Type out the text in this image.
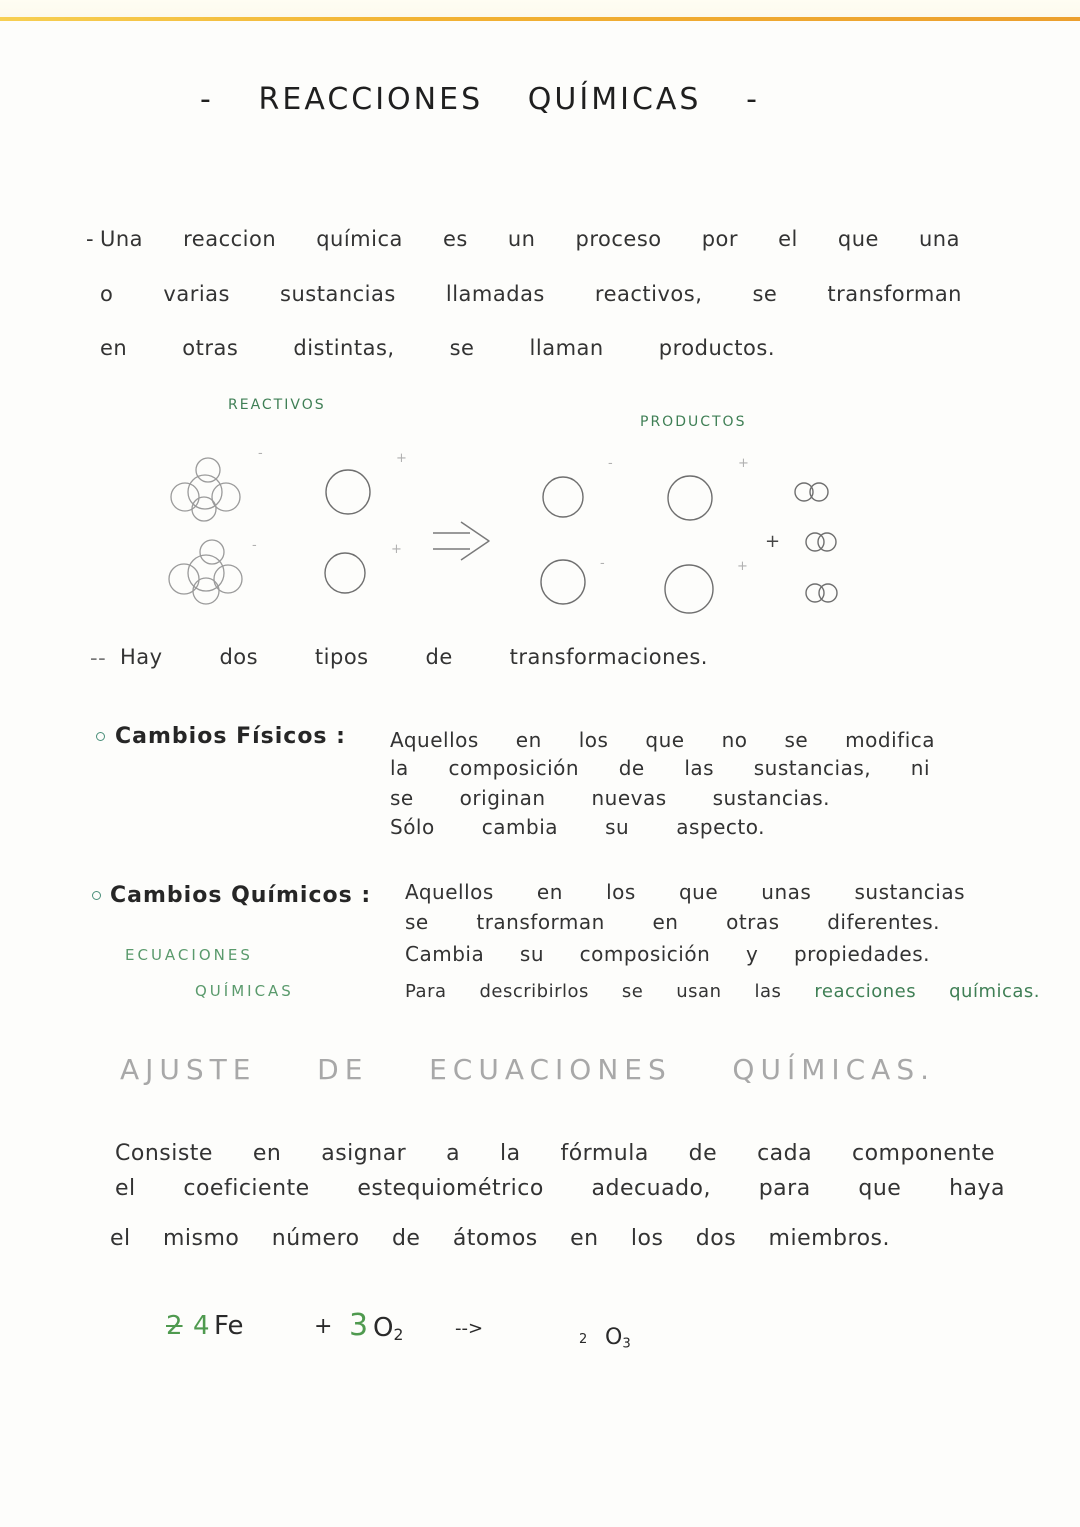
- REACCIONES QUÍMICAS -
- Una reaccion química es un proceso por el que una
o varias sustancias llamadas reactivos, se transforman
en otras distintas, se llaman productos.
REACTIVOS
PRODUCTOS
-	+
-	+
-	+
-	+
+
-- Hay dos tipos de transformaciones.
Cambios Físicos : Aquellos en los que no se modifica
la composición de las sustancias, ni
se originan nuevas sustancias.
Sólo cambia su aspecto.
Cambios Químicos : Aquellos en los que unas sustancias
se transforman en otras diferentes.
Cambia su composición y propiedades.
Para describirlos se usan las reacciones químicas.
ECUACIONES
QUÍMICAS
AJUSTE DE ECUACIONES QUÍMICAS.
Consiste en asignar a la fórmula de cada componente
el coeficiente estequiométrico adecuado, para que haya
el mismo número de átomos en los dos miembros.
2 4 Fe	+ 3 $O_2$	-->
2 $O_3$
